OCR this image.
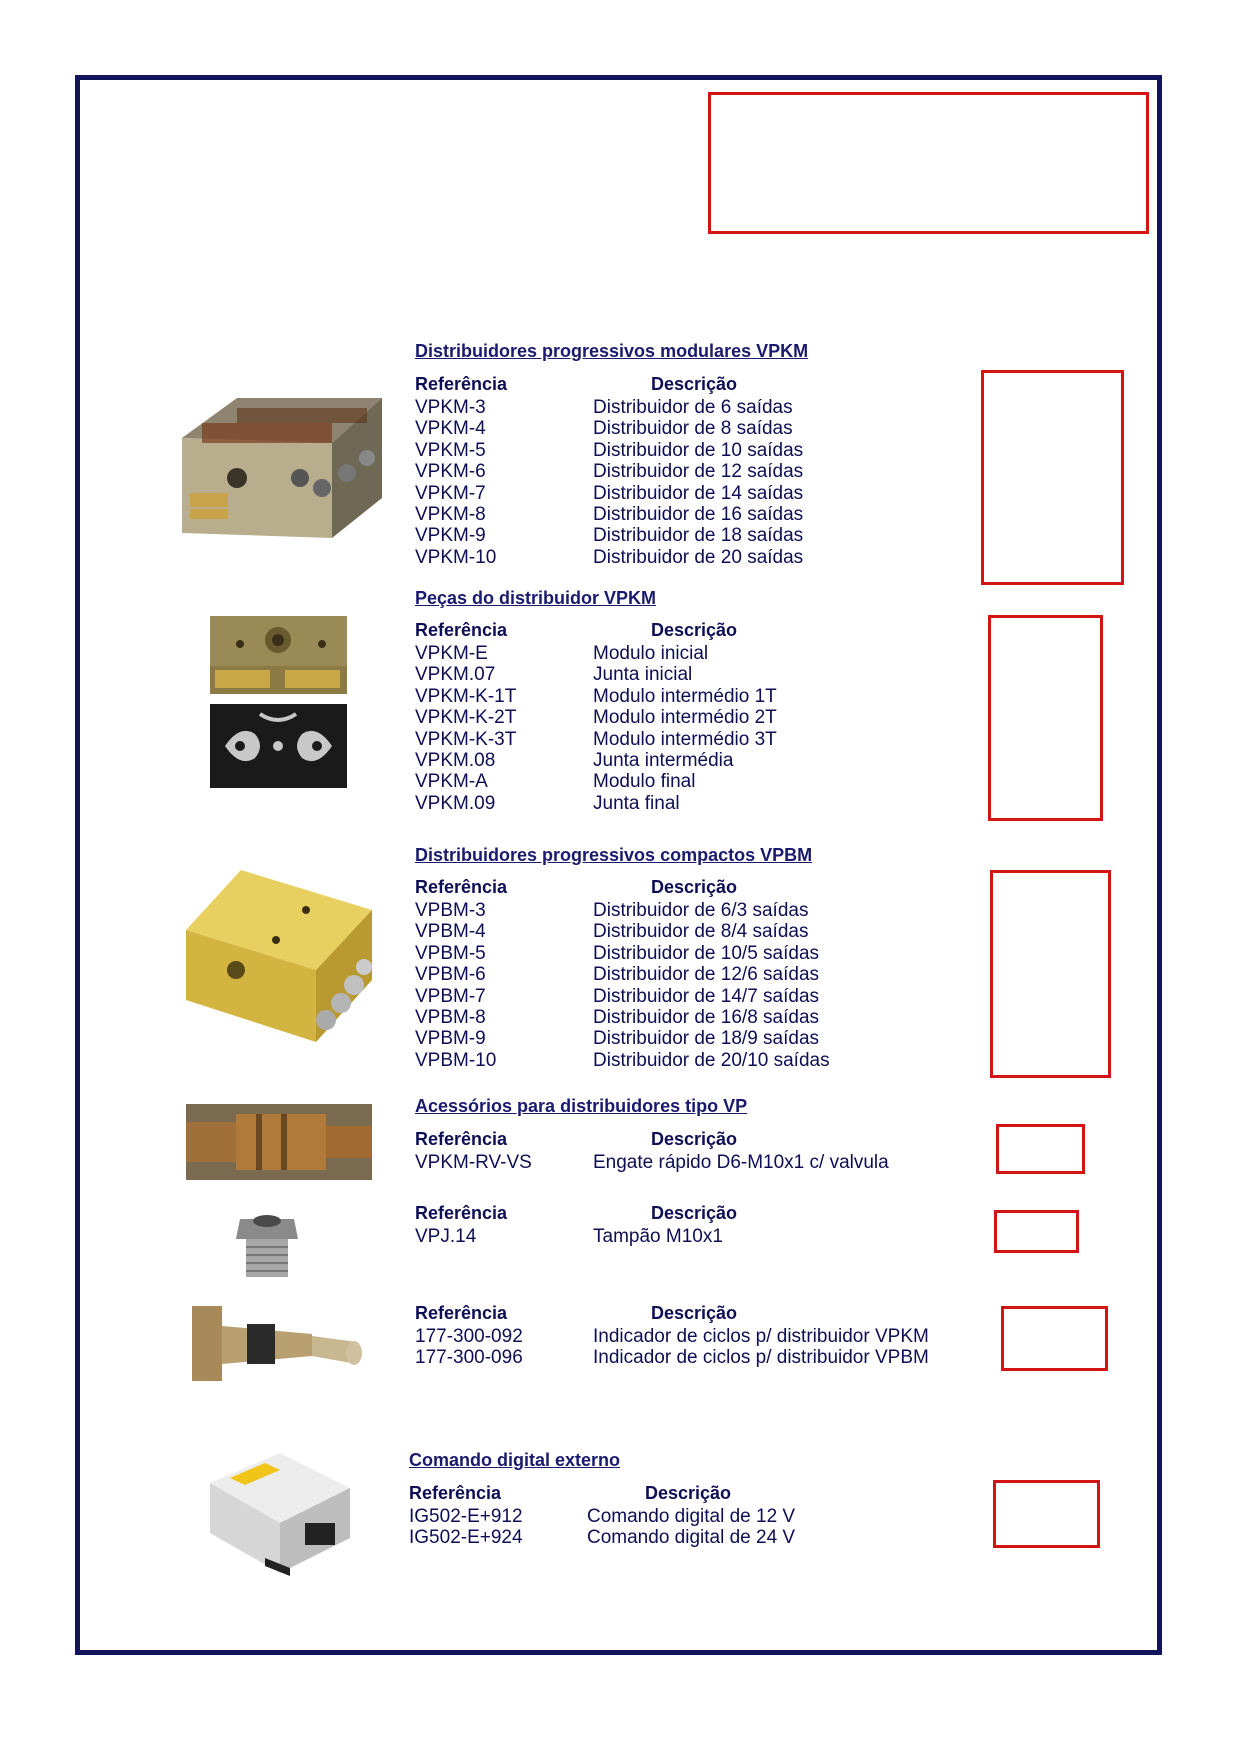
Distribuidores progressivos modulares VPKM
Referência	Descrição
VPKM-3	Distribuidor de 6 saídas
VPKM-4	Distribuidor de 8 saídas
VPKM-5	Distribuidor de 10 saídas
VPKM-6	Distribuidor de 12 saídas
VPKM-7	Distribuidor de 14 saídas
VPKM-8	Distribuidor de 16 saídas
VPKM-9	Distribuidor de 18 saídas
VPKM-10	Distribuidor de 20 saídas
Peças do distribuidor VPKM
Referência	Descrição
VPKM-E	Modulo inicial
VPKM.07	Junta inicial
VPKM-K-1T	Modulo intermédio 1T
VPKM-K-2T	Modulo intermédio 2T
VPKM-K-3T	Modulo intermédio 3T
VPKM.08	Junta intermédia
VPKM-A	Modulo final
VPKM.09	Junta final
Distribuidores progressivos compactos VPBM
Referência	Descrição
VPBM-3	Distribuidor de 6/3 saídas
VPBM-4	Distribuidor de 8/4 saídas
VPBM-5	Distribuidor de 10/5 saídas
VPBM-6	Distribuidor de 12/6 saídas
VPBM-7	Distribuidor de 14/7 saídas
VPBM-8	Distribuidor de 16/8 saídas
VPBM-9	Distribuidor de 18/9 saídas
VPBM-10	Distribuidor de 20/10 saídas
Acessórios para distribuidores tipo VP
Referência	Descrição
VPKM-RV-VS	Engate rápido D6-M10x1 c/ valvula
Referência	Descrição
VPJ.14	Tampão M10x1
Referência	Descrição
177-300-092	Indicador de ciclos p/ distribuidor VPKM
177-300-096	Indicador de ciclos p/ distribuidor VPBM
Comando digital externo
Referência	Descrição
IG502-E+912	Comando digital de 12 V
IG502-E+924	Comando digital de 24 V
